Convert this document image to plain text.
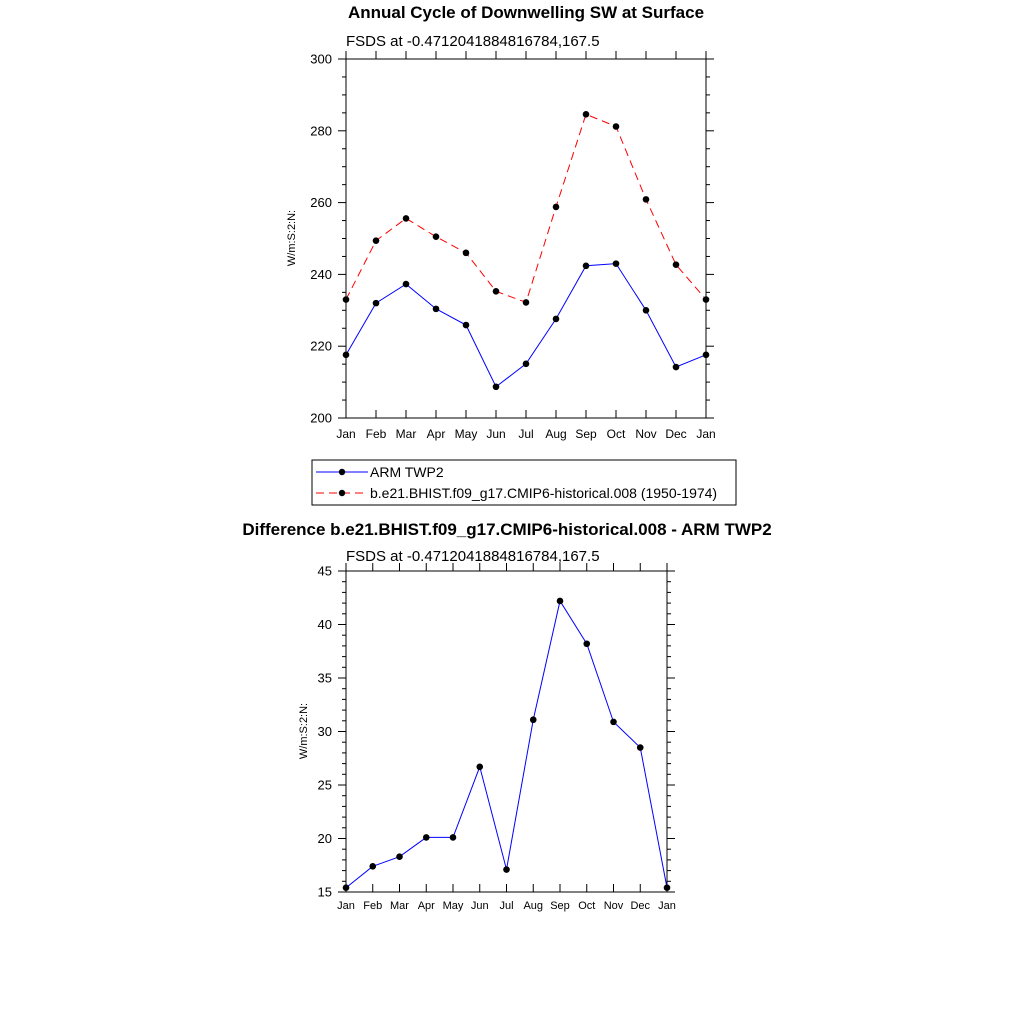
Annual Cycle of Downwelling SW at Surface
FSDS at -0.4712041884816784,167.5
W/m:S:2:N:
200
220
240
260
280
300
Jan Feb Mar Apr May Jun Jul Aug Sep Oct Nov Dec Jan
ARM TWP2
b.e21.BHIST.f09_g17.CMIP6-historical.008 (1950-1974)
Difference b.e21.BHIST.f09_g17.CMIP6-historical.008 - ARM TWP2
FSDS at -0.4712041884816784,167.5
W/m:S:2:N:
15
20
25
30
35
40
45
Jan Feb Mar Apr May Jun Jul Aug Sep Oct Nov Dec Jan
